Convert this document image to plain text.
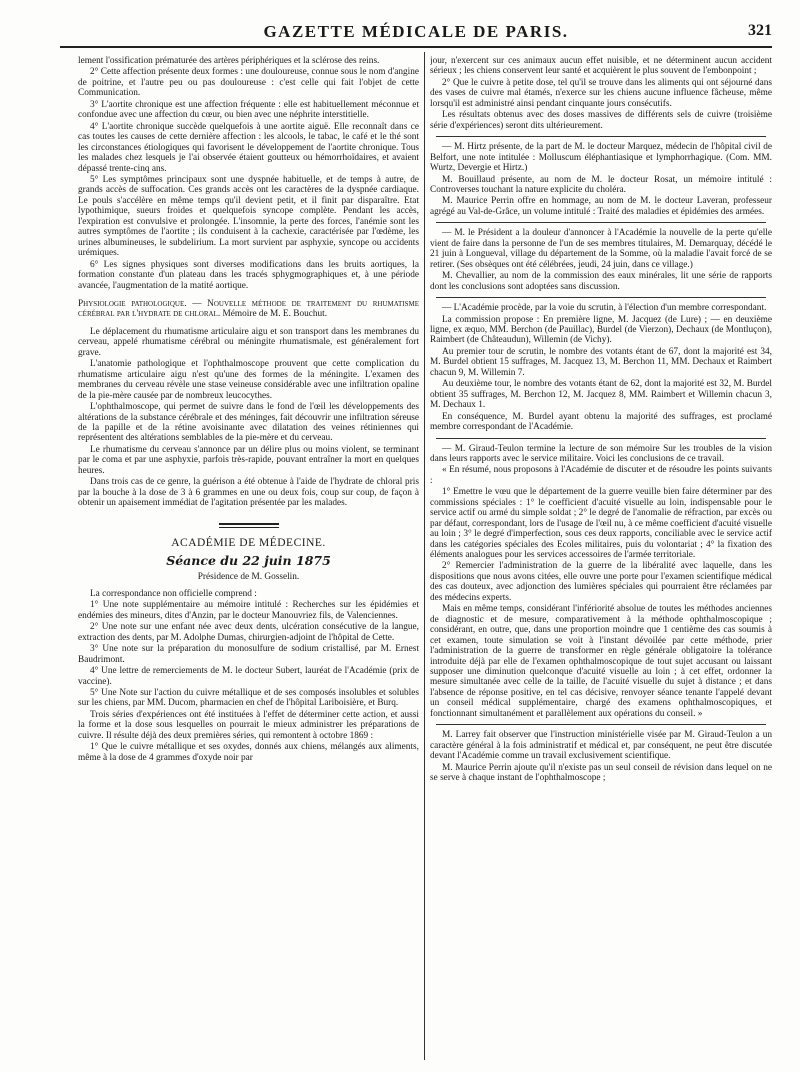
GAZETTE MÉDICALE DE PARIS.	321

lement l'ossification prématurée des artères périphériques et la sclérose des reins.

2° Cette affection présente deux formes : une douloureuse, connue sous le nom d'angine de poitrine, et l'autre peu ou pas douloureuse : c'est celle qui fait l'objet de cette Communication.

3° L'aortite chronique est une affection fréquente : elle est habituellement méconnue et confondue avec une affection du cœur, ou bien avec une néphrite interstitielle.

4° L'aortite chronique succède quelquefois à une aortite aiguë. Elle reconnaît dans ce cas toutes les causes de cette dernière affection : les alcools, le tabac, le café et le thé sont les circonstances étiologiques qui favorisent le développement de l'aortite chronique. Tous les malades chez lesquels je l'ai observée étaient goutteux ou hémorrhoïdaires, et avaient dépassé trente-cinq ans.

5° Les symptômes principaux sont une dyspnée habituelle, et de temps à autre, de grands accès de suffocation. Ces grands accès ont les caractères de la dyspnée cardiaque. Le pouls s'accélère en même temps qu'il devient petit, et il finit par disparaître. Etat lypothimique, sueurs froides et quelquefois syncope complète. Pendant les accès, l'expiration est convulsive et prolongée. L'insomnie, la perte des forces, l'anémie sont les autres symptômes de l'aortite ; ils conduisent à la cachexie, caractérisée par l'œdème, les urines albumineuses, le subdelirium. La mort survient par asphyxie, syncope ou accidents urémiques.

6° Les signes physiques sont diverses modifications dans les bruits aortiques, la formation constante d'un plateau dans les tracés sphygmographiques et, à une période avancée, l'augmentation de la matité aortique.

Physiologie pathologique. — Nouvelle méthode de traitement du rhumatisme cérébral par l'hydrate de chloral. Mémoire de M. E. Bouchut.

Le déplacement du rhumatisme articulaire aigu et son transport dans les membranes du cerveau, appelé rhumatisme cérébral ou méningite rhumatismale, est généralement fort grave.

L'anatomie pathologique et l'ophthalmoscope prouvent que cette complication du rhumatisme articulaire aigu n'est qu'une des formes de la méningite. L'examen des membranes du cerveau révèle une stase veineuse considérable avec une infiltration opaline de la pie-mère causée par de nombreux leucocythes.

L'ophthalmoscope, qui permet de suivre dans le fond de l'œil les développements des altérations de la substance cérébrale et des méninges, fait découvrir une infiltration séreuse de la papille et de la rétine avoisinante avec dilatation des veines rétiniennes qui représentent des altérations semblables de la pie-mère et du cerveau.

Le rhumatisme du cerveau s'annonce par un délire plus ou moins violent, se terminant par le coma et par une asphyxie, parfois très-rapide, pouvant entraîner la mort en quelques heures.

Dans trois cas de ce genre, la guérison a été obtenue à l'aide de l'hydrate de chloral pris par la bouche à la dose de 3 à 6 grammes en une ou deux fois, coup sur coup, de façon à obtenir un apaisement immédiat de l'agitation présentée par les malades.

ACADÉMIE DE MÉDECINE.

Séance du 22 juin 1875

Présidence de M. Gosselin.

La correspondance non officielle comprend :

1° Une note supplémentaire au mémoire intitulé : Recherches sur les épidémies et endémies des mineurs, dites d'Anzin, par le docteur Manouvriez fils, de Valenciennes.

2° Une note sur une enfant née avec deux dents, ulcération consécutive de la langue, extraction des dents, par M. Adolphe Dumas, chirurgien-adjoint de l'hôpital de Cette.

3° Une note sur la préparation du monosulfure de sodium cristallisé, par M. Ernest Baudrimont.

4° Une lettre de remerciements de M. le docteur Subert, lauréat de l'Académie (prix de vaccine).

5° Une Note sur l'action du cuivre métallique et de ses composés insolubles et solubles sur les chiens, par MM. Ducom, pharmacien en chef de l'hôpital Lariboisière, et Burq.

Trois séries d'expériences ont été instituées à l'effet de déterminer cette action, et aussi la forme et la dose sous lesquelles on pourrait le mieux administrer les préparations de cuivre. Il résulte déjà des deux premières séries, qui remontent à octobre 1869 :

1° Que le cuivre métallique et ses oxydes, donnés aux chiens, mélangés aux aliments, même à la dose de 4 grammes d'oxyde noir par

jour, n'exercent sur ces animaux aucun effet nuisible, et ne déterminent aucun accident sérieux ; les chiens conservent leur santé et acquièrent le plus souvent de l'embonpoint ;

2° Que le cuivre à petite dose, tel qu'il se trouve dans les aliments qui ont séjourné dans des vases de cuivre mal étamés, n'exerce sur les chiens aucune influence fâcheuse, même lorsqu'il est administré ainsi pendant cinquante jours consécutifs.

Les résultats obtenus avec des doses massives de différents sels de cuivre (troisième série d'expériences) seront dits ultérieurement.

— M. Hirtz présente, de la part de M. le docteur Marquez, médecin de l'hôpital civil de Belfort, une note intitulée : Molluscum éléphantiasique et lymphorrhagique. (Com. MM. Wurtz, Devergie et Hirtz.)

M. Bouillaud présente, au nom de M. le docteur Rosat, un mémoire intitulé : Controverses touchant la nature explicite du choléra.

M. Maurice Perrin offre en hommage, au nom de M. le docteur Laveran, professeur agrégé au Val-de-Grâce, un volume intitulé : Traité des maladies et épidémies des armées.

— M. le Président a la douleur d'annoncer à l'Académie la nouvelle de la perte qu'elle vient de faire dans la personne de l'un de ses membres titulaires, M. Demarquay, décédé le 21 juin à Longueval, village du département de la Somme, où la maladie l'avait forcé de se retirer. (Ses obsèques ont été célébrées, jeudi, 24 juin, dans ce village.)

M. Chevallier, au nom de la commission des eaux minérales, lit une série de rapports dont les conclusions sont adoptées sans discussion.

— L'Académie procède, par la voie du scrutin, à l'élection d'un membre correspondant.

La commission propose : En première ligne, M. Jacquez (de Lure) ; — en deuxième ligne, ex æquo, MM. Berchon (de Pauillac), Burdel (de Vierzon), Dechaux (de Montluçon), Raimbert (de Châteaudun), Willemin (de Vichy).

Au premier tour de scrutin, le nombre des votants étant de 67, dont la majorité est 34, M. Burdel obtient 15 suffrages, M. Jacquez 13, M. Berchon 11, MM. Dechaux et Raimbert chacun 9, M. Willemin 7.

Au deuxième tour, le nombre des votants étant de 62, dont la majorité est 32, M. Burdel obtient 35 suffrages, M. Berchon 12, M. Jacquez 8, MM. Raimbert et Willemin chacun 3, M. Dechaux 1.

En conséquence, M. Burdel ayant obtenu la majorité des suffrages, est proclamé membre correspondant de l'Académie.

— M. Giraud-Teulon termine la lecture de son mémoire Sur les troubles de la vision dans leurs rapports avec le service militaire. Voici les conclusions de ce travail.

« En résumé, nous proposons à l'Académie de discuter et de résoudre les points suivants :

1° Emettre le vœu que le département de la guerre veuille bien faire déterminer par des commissions spéciales : 1° le coefficient d'acuité visuelle au loin, indispensable pour le service actif ou armé du simple soldat ; 2° le degré de l'anomalie de réfraction, par excès ou par défaut, correspondant, lors de l'usage de l'œil nu, à ce même coefficient d'acuité visuelle au loin ; 3° le degré d'imperfection, sous ces deux rapports, conciliable avec le service actif dans les catégories spéciales des Ecoles militaires, puis du volontariat ; 4° la fixation des éléments analogues pour les services accessoires de l'armée territoriale.

2° Remercier l'administration de la guerre de la libéralité avec laquelle, dans les dispositions que nous avons citées, elle ouvre une porte pour l'examen scientifique médical des cas douteux, avec adjonction des lumières spéciales qui pourraient être réclamées par des médecins experts.

Mais en même temps, considérant l'infériorité absolue de toutes les méthodes anciennes de diagnostic et de mesure, comparativement à la méthode ophthalmoscopique ; considérant, en outre, que, dans une proportion moindre que 1 centième des cas soumis à cet examen, toute simulation se voit à l'instant dévoilée par cette méthode, prier l'administration de la guerre de transformer en règle générale obligatoire la tolérance introduite déjà par elle de l'examen ophthalmoscopique de tout sujet accusant ou laissant supposer une diminution quelconque d'acuité visuelle au loin ; à cet effet, ordonner la mesure simultanée avec celle de la taille, de l'acuité visuelle du sujet à distance ; et dans l'absence de réponse positive, en tel cas décisive, renvoyer séance tenante l'appelé devant un conseil médical supplémentaire, chargé des examens ophthalmoscopiques, et fonctionnant simultanément et parallèlement aux opérations du conseil. »

M. Larrey fait observer que l'instruction ministérielle visée par M. Giraud-Teulon a un caractère général à la fois administratif et médical et, par conséquent, ne peut être discutée devant l'Académie comme un travail exclusivement scientifique.

M. Maurice Perrin ajoute qu'il n'existe pas un seul conseil de révision dans lequel on ne se serve à chaque instant de l'ophthalmoscope ;
